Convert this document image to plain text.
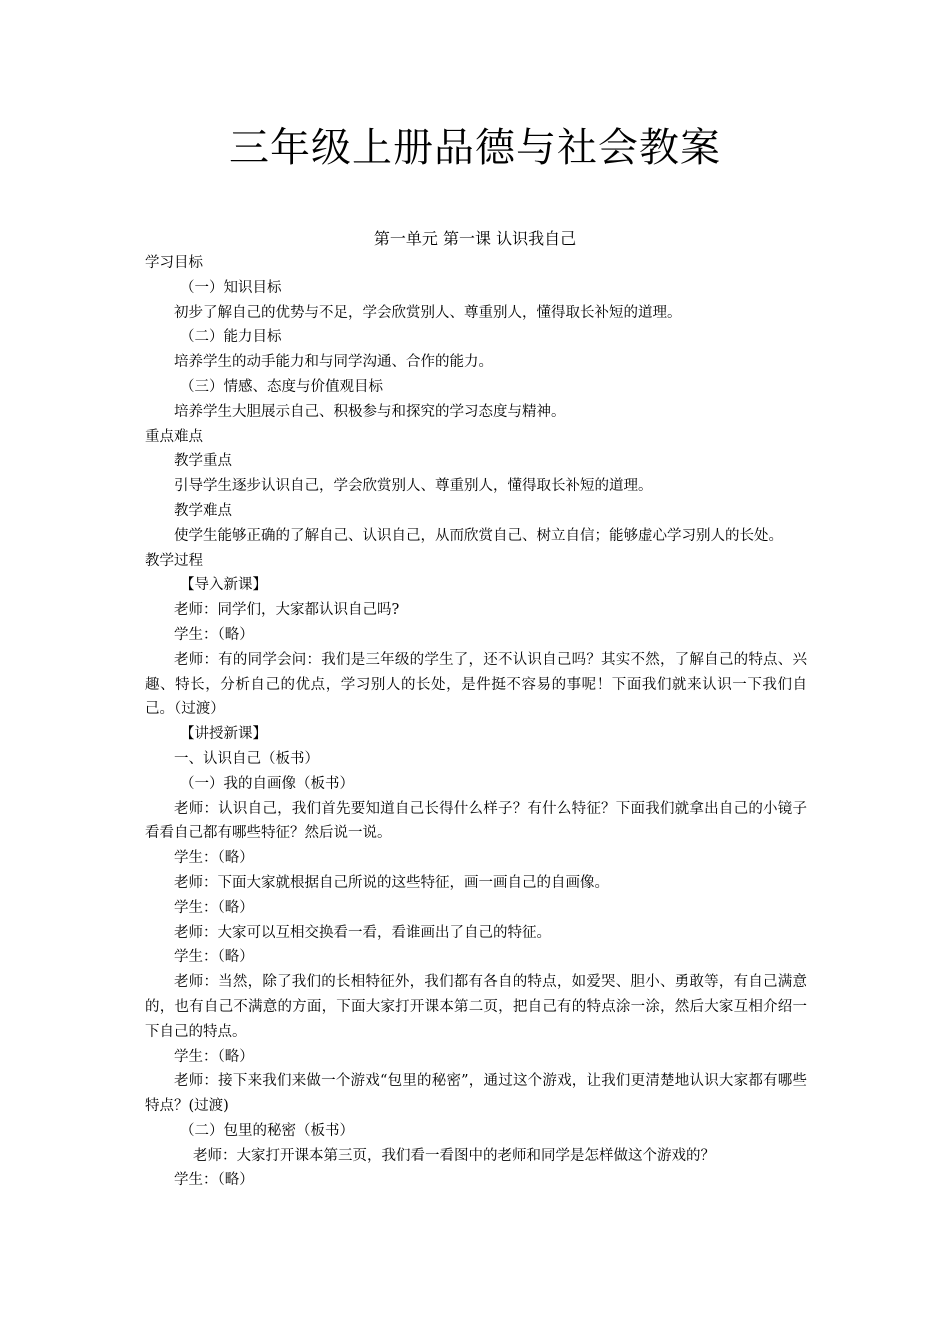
三年级上册品德与社会教案
第一单元 第一课 认识我自己

学习目标

（一）知识目标

初步了解自己的优势与不足，学会欣赏别人、尊重别人，懂得取长补短的道理。

（二）能力目标

培养学生的动手能力和与同学沟通、合作的能力。

（三）情感、态度与价值观目标

培养学生大胆展示自己、积极参与和探究的学习态度与精神。

重点难点

教学重点

引导学生逐步认识自己，学会欣赏别人、尊重别人，懂得取长补短的道理。

教学难点

使学生能够正确的了解自己、认识自己，从而欣赏自己、树立自信；能够虚心学习别人的长处。

教学过程

【导入新课】

老师：同学们，大家都认识自己吗?

学生：（略）

老师：有的同学会问：我们是三年级的学生了，还不认识自己吗？其实不然，了解自己的特点、兴趣、特长，分析自己的优点，学习别人的长处，是件挺不容易的事呢！下面我们就来认识一下我们自己。（过渡）

【讲授新课】

一、认识自己（板书）

（一）我的自画像（板书）

老师：认识自己，我们首先要知道自己长得什么样子？有什么特征？下面我们就拿出自己的小镜子看看自己都有哪些特征？然后说一说。

学生：（略）

老师：下面大家就根据自己所说的这些特征，画一画自己的自画像。

学生：（略）

老师：大家可以互相交换看一看，看谁画出了自己的特征。

学生：（略）

老师：当然，除了我们的长相特征外，我们都有各自的特点，如爱哭、胆小、勇敢等，有自己满意的，也有自己不满意的方面，下面大家打开课本第二页，把自己有的特点涂一涂，然后大家互相介绍一下自己的特点。

学生：（略）

老师：接下来我们来做一个游戏“包里的秘密”，通过这个游戏，让我们更清楚地认识大家都有哪些特点？(过渡)

（二）包里的秘密（板书）

老师：大家打开课本第三页，我们看一看图中的老师和同学是怎样做这个游戏的？

学生：（略）
